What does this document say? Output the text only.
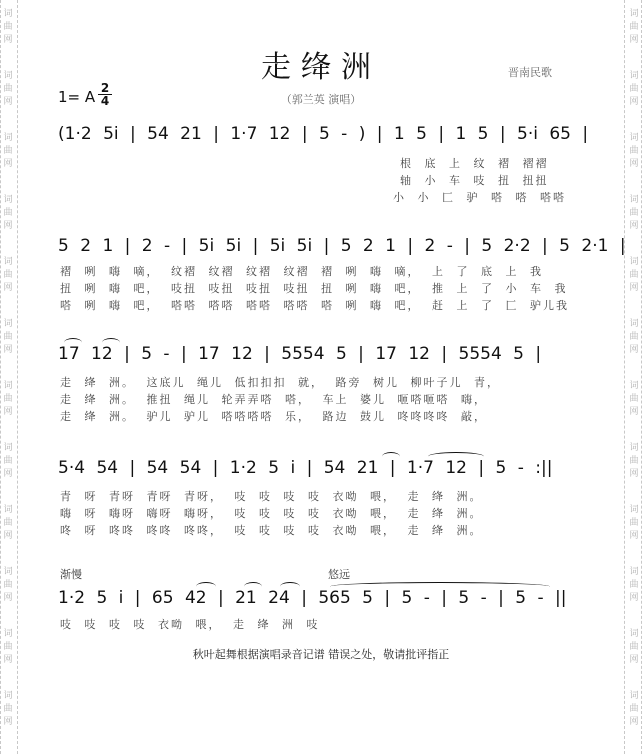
走绛洲	晋南民歌
1= A $\frac{2}{4}$	（郭兰英 演唱）
(1·2 5i | 54 21 | 1·7 12 | 5 - ) | 1 5 | 1 5 | 5·i 65 |
根 底 上 纹 褶 褶褶
轴 小 车 吱 扭 扭扭
小 小 匚 驴 嗒 嗒 嗒嗒
5 2 1 | 2 - | 5i 5i | 5i 5i | 5 2 1 | 2 - | 5 2·2 | 5 2·1 |
褶 咧 嗨 嘀， 纹褶 纹褶 纹褶 纹褶 褶 咧 嗨 嘀， 上 了 底 上 我
扭 咧 嗨 吧， 吱扭 吱扭 吱扭 吱扭 扭 咧 嗨 吧， 推 上 了 小 车 我
嗒 咧 嗨 吧， 嗒嗒 嗒嗒 嗒嗒 嗒嗒 嗒 咧 嗨 吧， 赶 上 了 匚 驴儿我
17 12 | 5 - | 17 12 | 5554 5 | 17 12 | 5554 5 |
走 绛 洲。 这底儿 绳儿 低扣扣扣 就， 路旁 树儿 柳叶子儿 青，
走 绛 洲。 推扭 绳儿 轮弄弄嗒 嗒， 车上 婆儿 咂嗒咂嗒 嗨，
走 绛 洲。 驴儿 驴儿 嗒嗒嗒嗒 乐， 路边 鼓儿 咚咚咚咚 敲，
5·4 54 | 54 54 | 1·2 5 i | 54 21 | 1·7 12 | 5 - :||
青 呀 青呀 青呀 青呀， 吱 吱 吱 吱 衣呦 喂， 走 绛 洲。
嗨 呀 嗨呀 嗨呀 嗨呀， 吱 吱 吱 吱 衣呦 喂， 走 绛 洲。
咚 呀 咚咚 咚咚 咚咚， 吱 吱 吱 吱 衣呦 喂， 走 绛 洲。
渐慢	悠远
1·2 5 i | 65 42 | 21 24 | 565 5 | 5 - | 5 - | 5 - ||
吱 吱 吱 吱 衣呦 喂， 走 绛 洲 吱
秋叶起舞根据演唱录音记谱 错误之处，敬请批评指正
词
曲
网
词
曲
网
词
曲
网
词
曲
网
词
曲
网
词
曲
网
词
曲
网
词
曲
网
词
曲
网
词
曲
网
词
曲
网
词
曲
网
词
曲
网
词
曲
网
词
曲
网
词
曲
网
词
曲
网
词
曲
网
词
曲
网
词
曲
网
词
曲
网
词
曲
网
词
曲
网
词
曲
网
